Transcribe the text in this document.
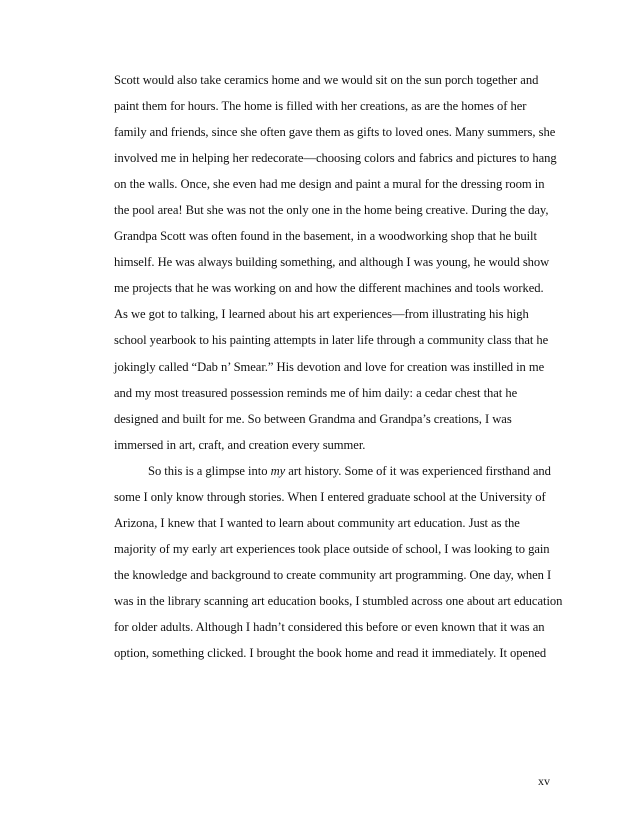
Scott would also take ceramics home and we would sit on the sun porch together and
paint them for hours. The home is filled with her creations, as are the homes of her
family and friends, since she often gave them as gifts to loved ones. Many summers, she
involved me in helping her redecorate—choosing colors and fabrics and pictures to hang
on the walls. Once, she even had me design and paint a mural for the dressing room in
the pool area! But she was not the only one in the home being creative. During the day,
Grandpa Scott was often found in the basement, in a woodworking shop that he built
himself. He was always building something, and although I was young, he would show
me projects that he was working on and how the different machines and tools worked.
As we got to talking, I learned about his art experiences—from illustrating his high
school yearbook to his painting attempts in later life through a community class that he
jokingly called “Dab n’ Smear.” His devotion and love for creation was instilled in me
and my most treasured possession reminds me of him daily: a cedar chest that he
designed and built for me. So between Grandma and Grandpa’s creations, I was
immersed in art, craft, and creation every summer.
So this is a glimpse into my art history. Some of it was experienced firsthand and
some I only know through stories. When I entered graduate school at the University of
Arizona, I knew that I wanted to learn about community art education. Just as the
majority of my early art experiences took place outside of school, I was looking to gain
the knowledge and background to create community art programming. One day, when I
was in the library scanning art education books, I stumbled across one about art education
for older adults. Although I hadn’t considered this before or even known that it was an
option, something clicked. I brought the book home and read it immediately. It opened
xv
